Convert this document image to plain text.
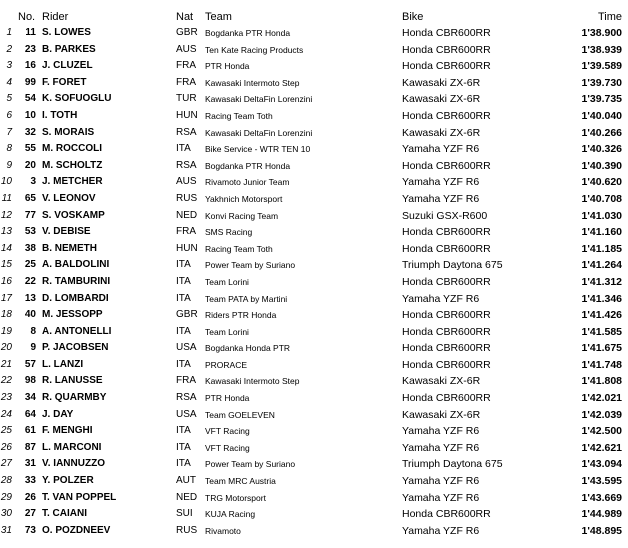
No. Rider	Nat Team	Bike	Time
1	11 S. LOWES	GBR Bogdanka PTR Honda	Honda CBR600RR	1'38.900
2	23 B. PARKES	AUS Ten Kate Racing Products	Honda CBR600RR	1'38.939
3	16 J. CLUZEL	FRA PTR Honda	Honda CBR600RR	1'39.589
4	99 F. FORET	FRA Kawasaki Intermoto Step	Kawasaki ZX-6R	1'39.730
5	54 K. SOFUOGLU	TUR Kawasaki DeltaFin Lorenzini	Kawasaki ZX-6R	1'39.735
6	10 I. TOTH	HUN Racing Team Toth	Honda CBR600RR	1'40.040
7	32 S. MORAIS	RSA Kawasaki DeltaFin Lorenzini	Kawasaki ZX-6R	1'40.266
8	55 M. ROCCOLI	ITA Bike Service - WTR TEN 10	Yamaha YZF R6	1'40.326
9	20 M. SCHOLTZ	RSA Bogdanka PTR Honda	Honda CBR600RR	1'40.390
10	3 J. METCHER	AUS Rivamoto Junior Team	Yamaha YZF R6	1'40.620
11	65 V. LEONOV	RUS Yakhnich Motorsport	Yamaha YZF R6	1'40.708
12	77 S. VOSKAMP	NED Konvi Racing Team	Suzuki GSX-R600	1'41.030
13	53 V. DEBISE	FRA SMS Racing	Honda CBR600RR	1'41.160
14	38 B. NEMETH	HUN Racing Team Toth	Honda CBR600RR	1'41.185
15	25 A. BALDOLINI	ITA Power Team by Suriano	Triumph Daytona 675	1'41.264
16	22 R. TAMBURINI	ITA Team Lorini	Honda CBR600RR	1'41.312
17	13 D. LOMBARDI	ITA Team PATA by Martini	Yamaha YZF R6	1'41.346
18	40 M. JESSOPP	GBR Riders PTR Honda	Honda CBR600RR	1'41.426
19	8 A. ANTONELLI	ITA Team Lorini	Honda CBR600RR	1'41.585
20	9 P. JACOBSEN	USA Bogdanka Honda PTR	Honda CBR600RR	1'41.675
21	57 L. LANZI	ITA PRORACE	Honda CBR600RR	1'41.748
22	98 R. LANUSSE	FRA Kawasaki Intermoto Step	Kawasaki ZX-6R	1'41.808
23	34 R. QUARMBY	RSA PTR Honda	Honda CBR600RR	1'42.021
24	64 J. DAY	USA Team GOELEVEN	Kawasaki ZX-6R	1'42.039
25	61 F. MENGHI	ITA VFT Racing	Yamaha YZF R6	1'42.500
26	87 L. MARCONI	ITA VFT Racing	Yamaha YZF R6	1'42.621
27	31 V. IANNUZZO	ITA Power Team by Suriano	Triumph Daytona 675	1'43.094
28	33 Y. POLZER	AUT Team MRC Austria	Yamaha YZF R6	1'43.595
29	26 T. VAN POPPEL	NED TRG Motorsport	Yamaha YZF R6	1'43.669
30	27 T. CAIANI	SUI KUJA Racing	Honda CBR600RR	1'44.989
31	73 O. POZDNEEV	RUS Rivamoto	Yamaha YZF R6	1'48.895
